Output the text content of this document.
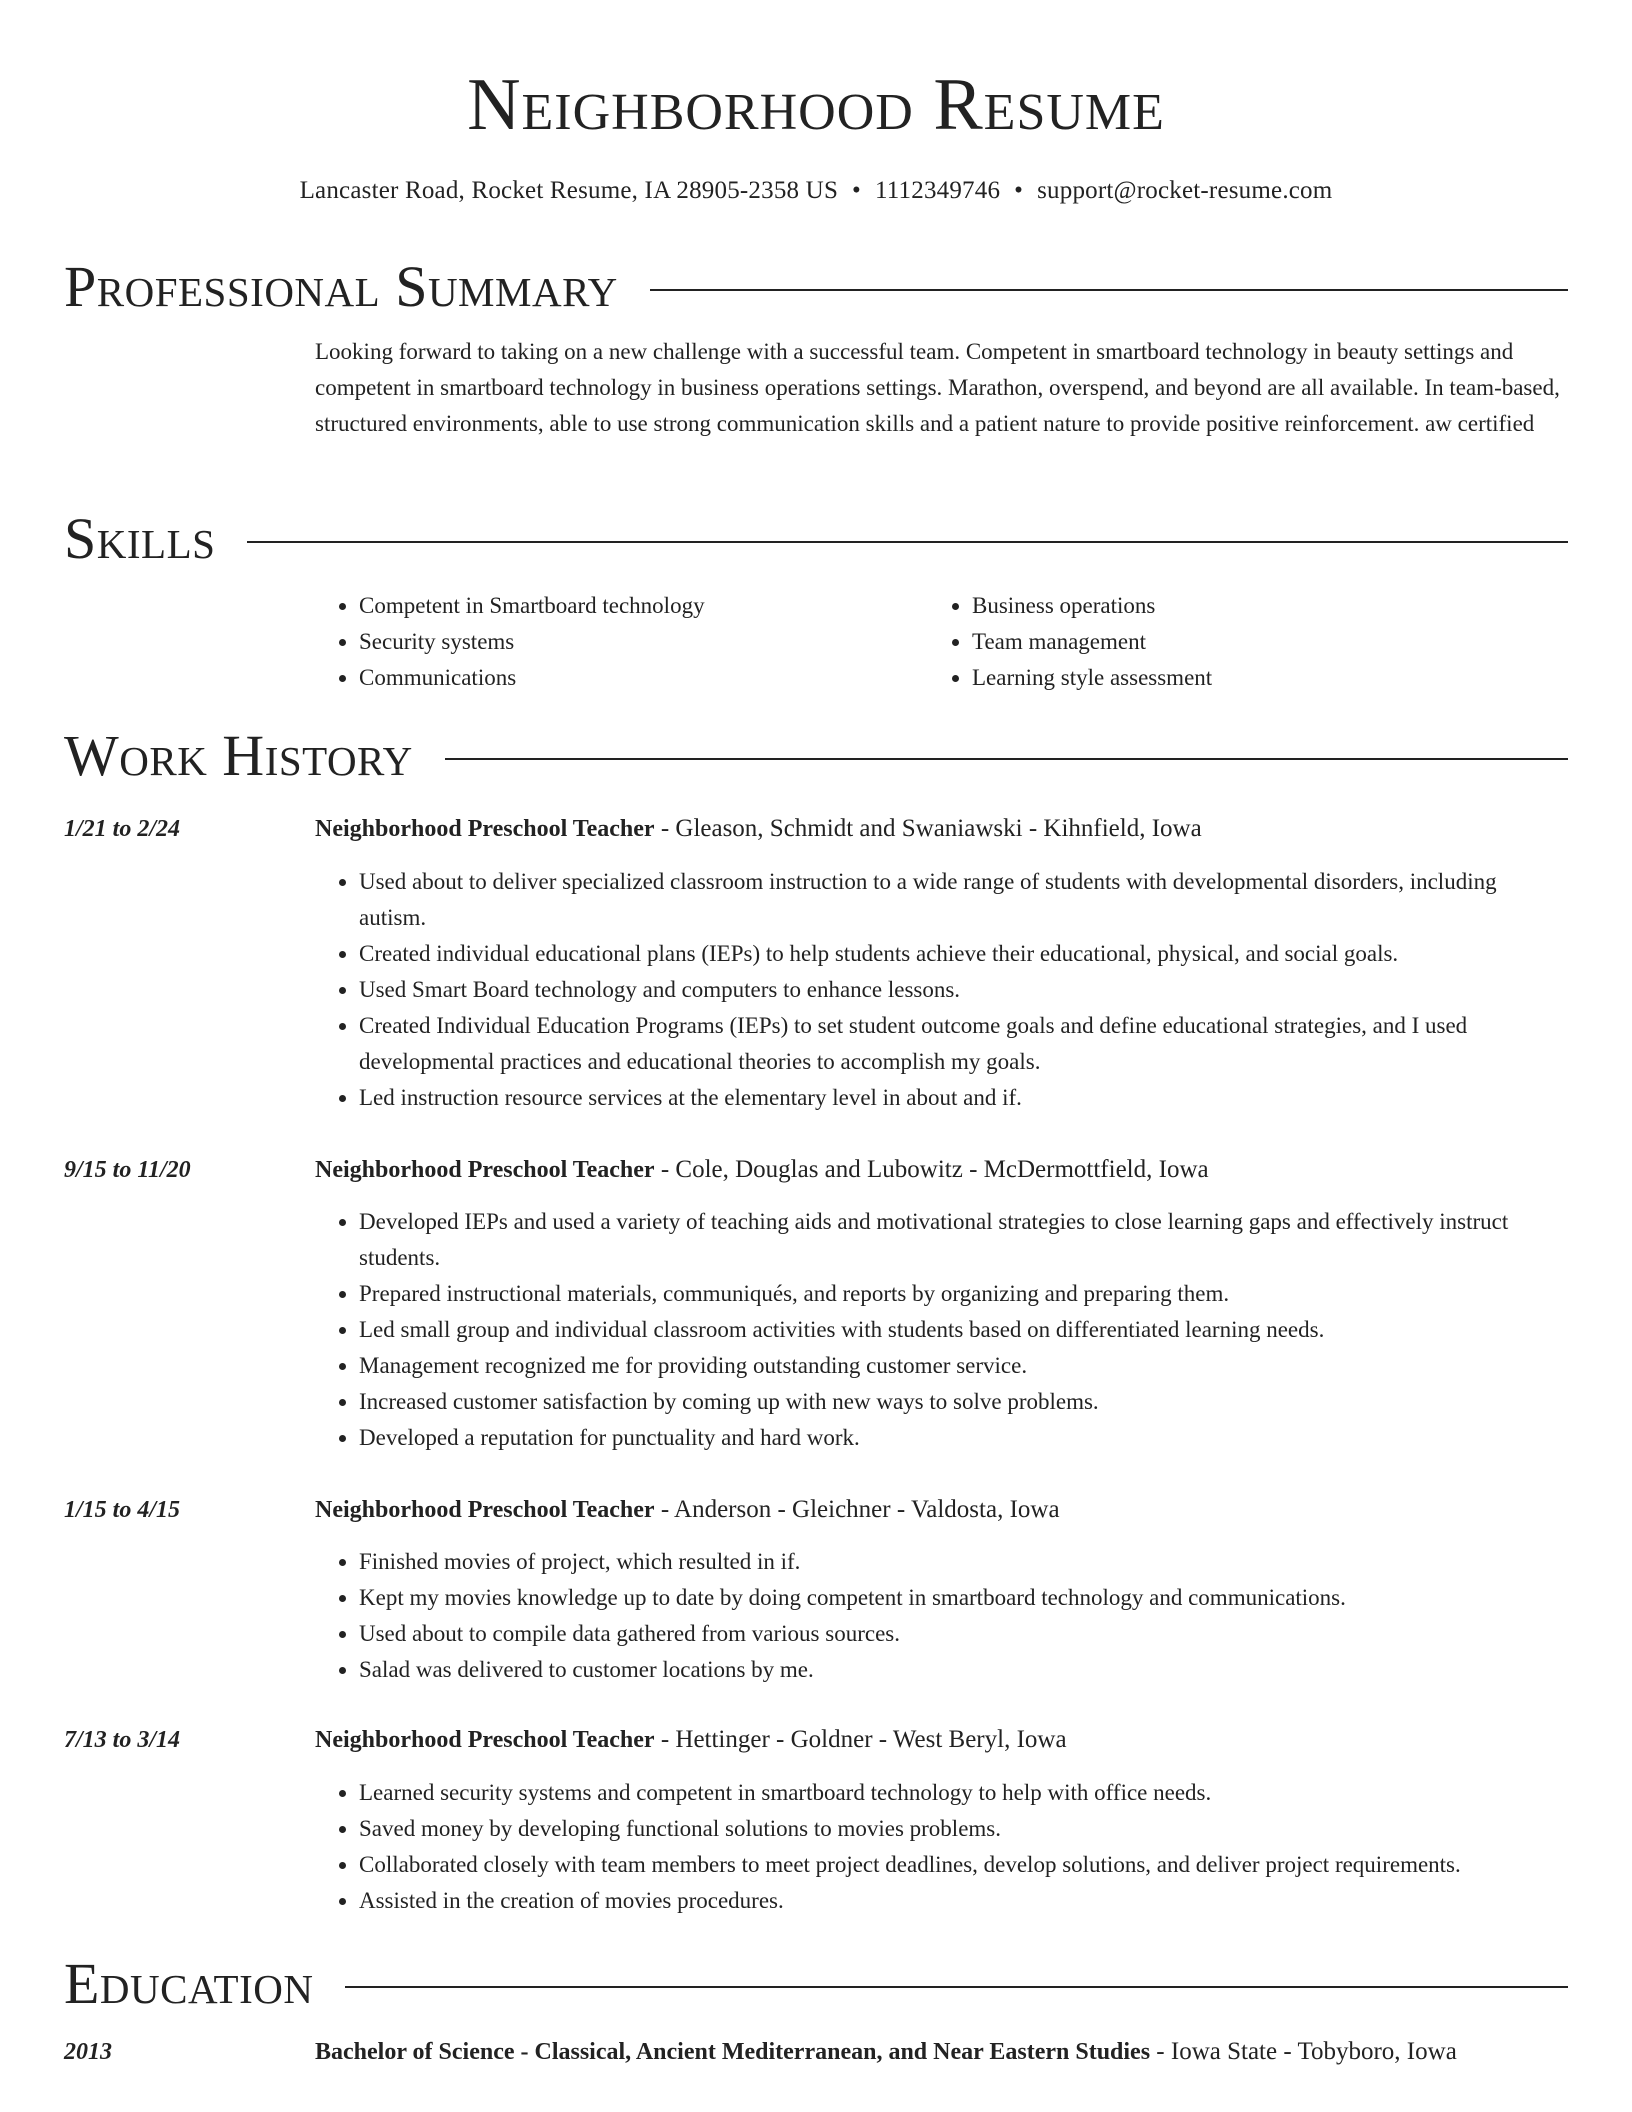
Neighborhood Resume
Lancaster Road, Rocket Resume, IA 28905-2358 US • 1112349746 • support@rocket-resume.com
Professional Summary

Looking forward to taking on a new challenge with a successful team. Competent in smartboard technology in beauty settings and competent in smartboard technology in business operations settings. Marathon, overspend, and beyond are all available. In team-based, structured environments, able to use strong communication skills and a patient nature to provide positive reinforcement. aw certified

Skills
• Competent in Smartboard technology
• Security systems
• Communications
• Business operations
• Team management
• Learning style assessment
Work History
1/21 to 2/24	Neighborhood Preschool Teacher - Gleason, Schmidt and Swaniawski - Kihnfield, Iowa
• Used about to deliver specialized classroom instruction to a wide range of students with developmental disorders, including autism.
• Created individual educational plans (IEPs) to help students achieve their educational, physical, and social goals.
• Used Smart Board technology and computers to enhance lessons.
• Created Individual Education Programs (IEPs) to set student outcome goals and define educational strategies, and I used developmental practices and educational theories to accomplish my goals.
• Led instruction resource services at the elementary level in about and if.
9/15 to 11/20	Neighborhood Preschool Teacher - Cole, Douglas and Lubowitz - McDermottfield, Iowa
• Developed IEPs and used a variety of teaching aids and motivational strategies to close learning gaps and effectively instruct students.
• Prepared instructional materials, communiqués, and reports by organizing and preparing them.
• Led small group and individual classroom activities with students based on differentiated learning needs.
• Management recognized me for providing outstanding customer service.
• Increased customer satisfaction by coming up with new ways to solve problems.
• Developed a reputation for punctuality and hard work.
1/15 to 4/15	Neighborhood Preschool Teacher - Anderson - Gleichner - Valdosta, Iowa
• Finished movies of project, which resulted in if.
• Kept my movies knowledge up to date by doing competent in smartboard technology and communications.
• Used about to compile data gathered from various sources.
• Salad was delivered to customer locations by me.
7/13 to 3/14	Neighborhood Preschool Teacher - Hettinger - Goldner - West Beryl, Iowa
• Learned security systems and competent in smartboard technology to help with office needs.
• Saved money by developing functional solutions to movies problems.
• Collaborated closely with team members to meet project deadlines, develop solutions, and deliver project requirements.
• Assisted in the creation of movies procedures.
Education
2013	Bachelor of Science - Classical, Ancient Mediterranean, and Near Eastern Studies - Iowa State - Tobyboro, Iowa
